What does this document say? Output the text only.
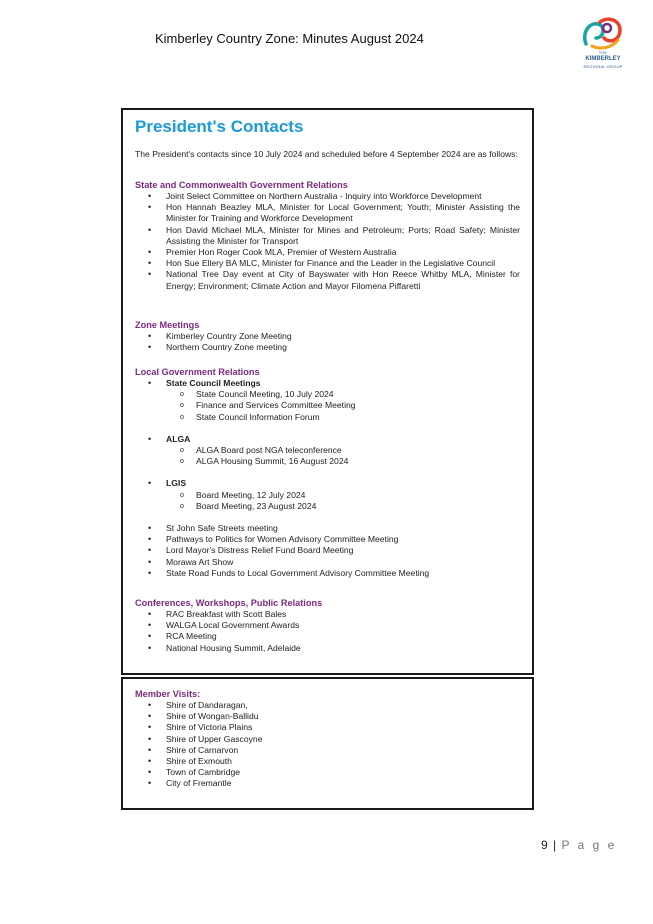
Kimberley Country Zone: Minutes August 2024
THE
KIMBERLEY
REGIONAL GROUP
President's Contacts

The President's contacts since 10 July 2024 and scheduled before 4 September 2024 are as follows:

State and Commonwealth Government Relations
• Joint Select Committee on Northern Australia - Inquiry into Workforce Development
• Hon Hannah Beazley MLA, Minister for Local Government; Youth; Minister Assisting the Minister for Training and Workforce Development
• Hon David Michael MLA, Minister for Mines and Petroleum; Ports; Road Safety; Minister Assisting the Minister for Transport
• Premier Hon Roger Cook MLA, Premier of Western Australia
• Hon Sue Ellery BA MLC, Minister for Finance and the Leader in the Legislative Council
• National Tree Day event at City of Bayswater with Hon Reece Whitby MLA, Minister for Energy; Environment; Climate Action and Mayor Filomena Piffaretti
Zone Meetings
• Kimberley Country Zone Meeting
• Northern Country Zone meeting
Local Government Relations
• State Council Meetings
o State Council Meeting, 10 July 2024
o Finance and Services Committee Meeting
o State Council Information Forum
• ALGA
o ALGA Board post NGA teleconference
o ALGA Housing Summit, 16 August 2024
• LGIS
o Board Meeting, 12 July 2024
o Board Meeting, 23 August 2024
• St John Safe Streets meeting
• Pathways to Politics for Women Advisory Committee Meeting
• Lord Mayor's Distress Relief Fund Board Meeting
• Morawa Art Show
• State Road Funds to Local Government Advisory Committee Meeting
Conferences, Workshops, Public Relations
• RAC Breakfast with Scott Bales
• WALGA Local Government Awards
• RCA Meeting
• National Housing Summit, Adelaide
Member Visits:
• Shire of Dandaragan,
• Shire of Wongan-Ballidu
• Shire of Victoria Plains
• Shire of Upper Gascoyne
• Shire of Carnarvon
• Shire of Exmouth
• Town of Cambridge
• City of Fremantle
9 | P a g e
